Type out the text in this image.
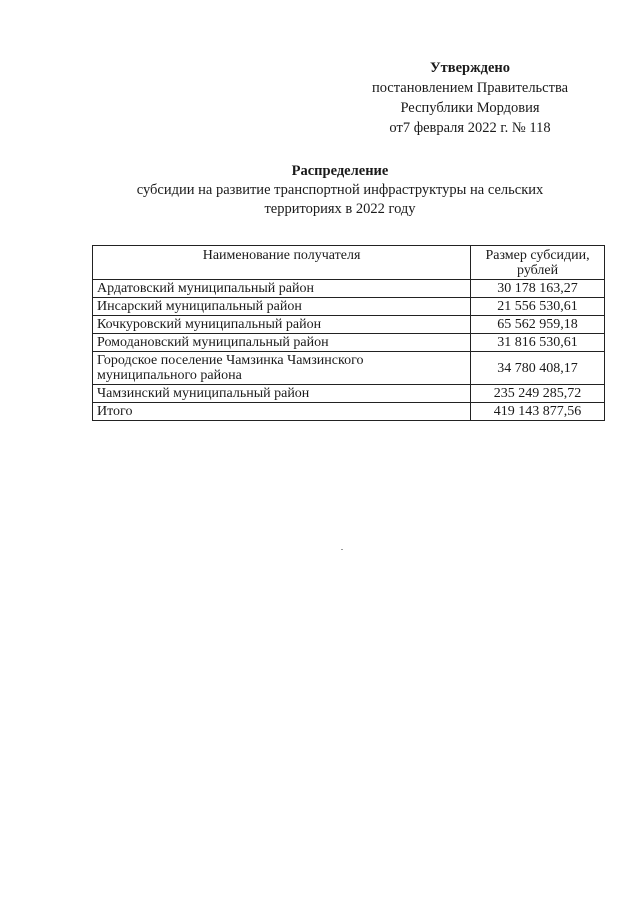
Утверждено
постановлением Правительства
Республики Мордовия
от7 февраля 2022 г. № 118
Распределение
субсидии на развитие транспортной инфраструктуры на сельских
территориях в 2022 году
Наименование получателя	Размер субсидии, рублей
Ардатовский муниципальный район	30 178 163,27
Инсарский муниципальный район	21 556 530,61
Кочкуровский муниципальный район	65 562 959,18
Ромодановский муниципальный район	31 816 530,61
Городское поселение Чамзинка Чамзинского муниципального района	34 780 408,17
Чамзинский муниципальный район	235 249 285,72
Итого	419 143 877,56
